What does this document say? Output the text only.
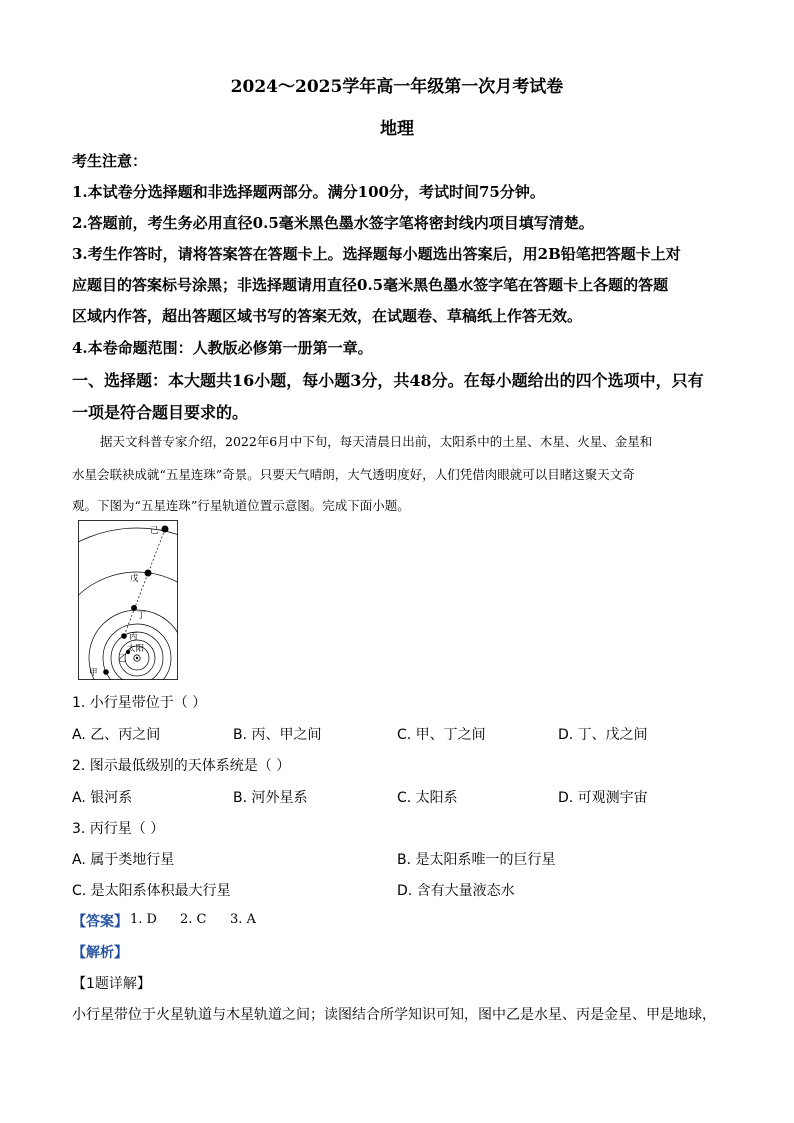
2024～2025学年高一年级第一次月考试卷
地理
考生注意：
1.本试卷分选择题和非选择题两部分。满分100分，考试时间75分钟。
2.答题前，考生务必用直径0.5毫米黑色墨水签字笔将密封线内项目填写清楚。
3.考生作答时，请将答案答在答题卡上。选择题每小题选出答案后，用2B铅笔把答题卡上对
应题目的答案标号涂黑；非选择题请用直径0.5毫米黑色墨水签字笔在答题卡上各题的答题
区域内作答，超出答题区域书写的答案无效，在试题卷、草稿纸上作答无效。
4.本卷命题范围：人教版必修第一册第一章。
一、选择题：本大题共16小题，每小题3分，共48分。在每小题给出的四个选项中，只有
一项是符合题目要求的。
据天文科普专家介绍，2022年6月中下旬，每天清晨日出前，太阳系中的土星、木星、火星、金星和
水星会联袂成就“五星连珠”奇景。只要天气晴朗，大气透明度好，人们凭借肉眼就可以目睹这聚天文奇
观。下图为“五星连珠”行星轨道位置示意图。完成下面小题。
己
戊
丁
丙
太阳
乙
甲
1. 小行星带位于（ ）
A. 乙、丙之间	B. 丙、甲之间	C. 甲、丁之间	D. 丁、戊之间
2. 图示最低级别的天体系统是（ ）
A. 银河系	B. 河外星系	C. 太阳系	D. 可观测宇宙
3. 丙行星（ ）
A. 属于类地行星	B. 是太阳系唯一的巨行星
C. 是太阳系体积最大行星	D. 含有大量液态水
【答案】 1. D 2. C 3. A
【解析】
【1题详解】
小行星带位于火星轨道与木星轨道之间；读图结合所学知识可知，图中乙是水星、丙是金星、甲是地球，
